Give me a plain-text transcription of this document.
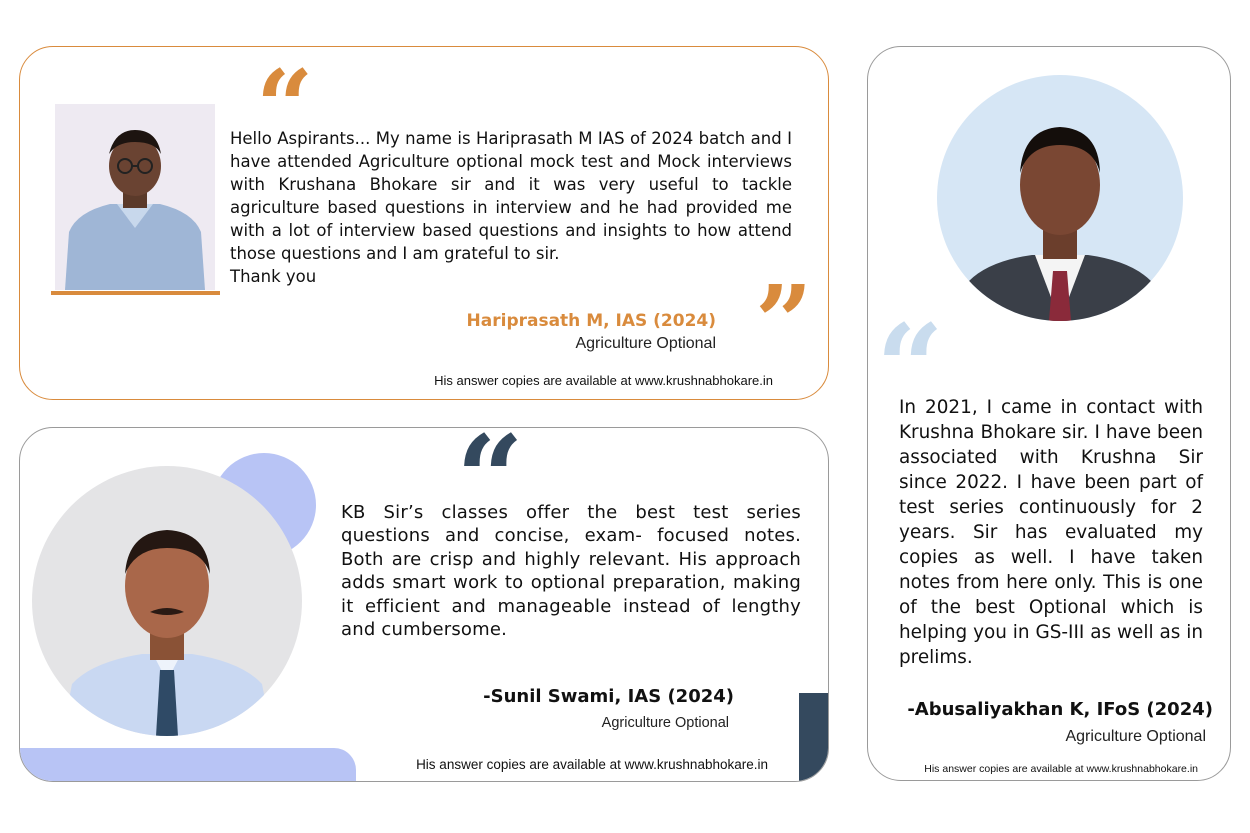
“
Hello Aspirants... My name is Hariprasath M IAS of 2024 batch and I have attended Agriculture optional mock test and Mock interviews with Krushana Bhokare sir and it was very useful to tackle agriculture based questions in interview and he had provided me with a lot of interview based questions and insights to how attend those questions and I am grateful to sir.
Thank you	”
Hariprasath M, IAS (2024)
Agriculture Optional
His answer copies are available at www.krushnabhokare.in
“
KB Sir’s classes offer the best test series questions and concise, exam- focused notes. Both are crisp and highly relevant. His approach adds smart work to optional preparation, making it efficient and manageable instead of lengthy and cumbersome.
-Sunil Swami, IAS (2024)
Agriculture Optional
His answer copies are available at www.krushnabhokare.in
“
In 2021, I came in contact with Krushna Bhokare sir. I have been associated with Krushna Sir since 2022. I have been part of test series continuously for 2 years. Sir has evaluated my copies as well. I have taken notes from here only. This is one of the best Optional which is helping you in GS-III as well as in prelims.
-Abusaliyakhan K, IFoS (2024)
Agriculture Optional
His answer copies are available at www.krushnabhokare.in
